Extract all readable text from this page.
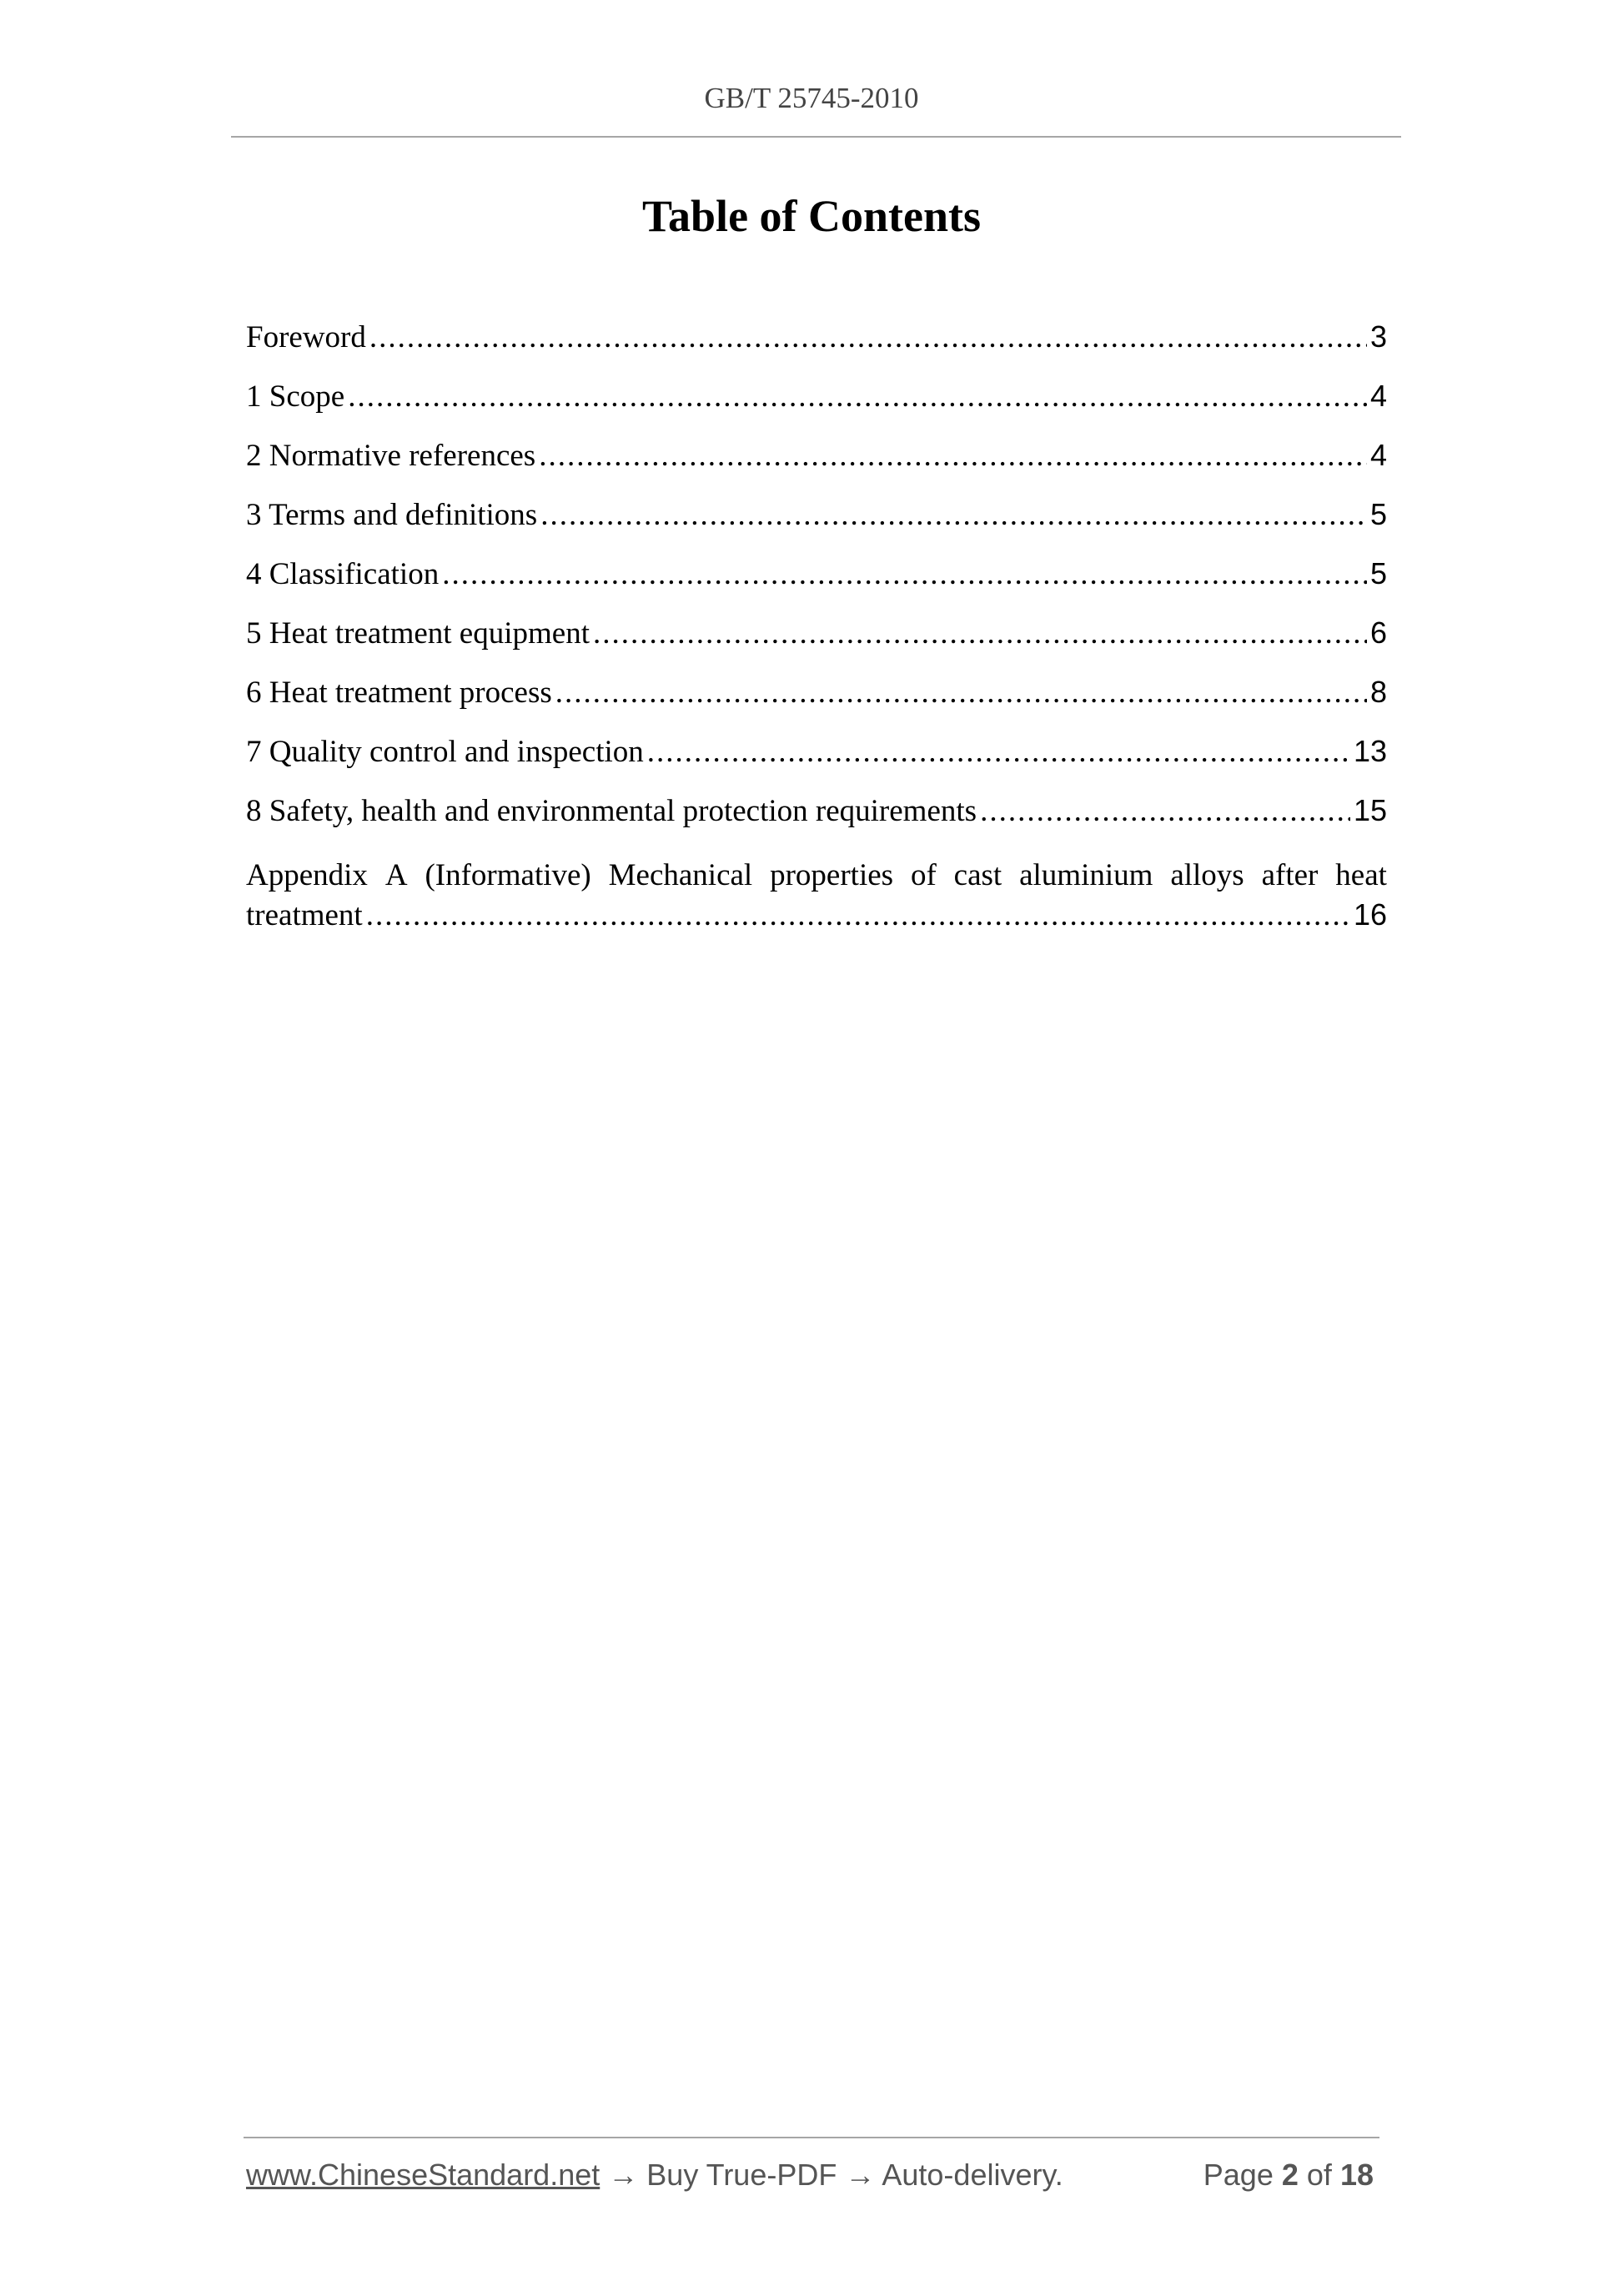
GB/T 25745-2010
Table of Contents
Foreword .....	3
1 Scope .....	4
2 Normative references .....	4
3 Terms and definitions .....	5
4 Classification .....	5
5 Heat treatment equipment .....	6
6 Heat treatment process .....	8
7 Quality control and inspection .....	13
8 Safety, health and environmental protection requirements .....	15
Appendix A (Informative) Mechanical properties of cast aluminium alloys after heat
treatment .....	16
www.ChineseStandard.net → Buy True-PDF → Auto-delivery.	Page 2 of 18
